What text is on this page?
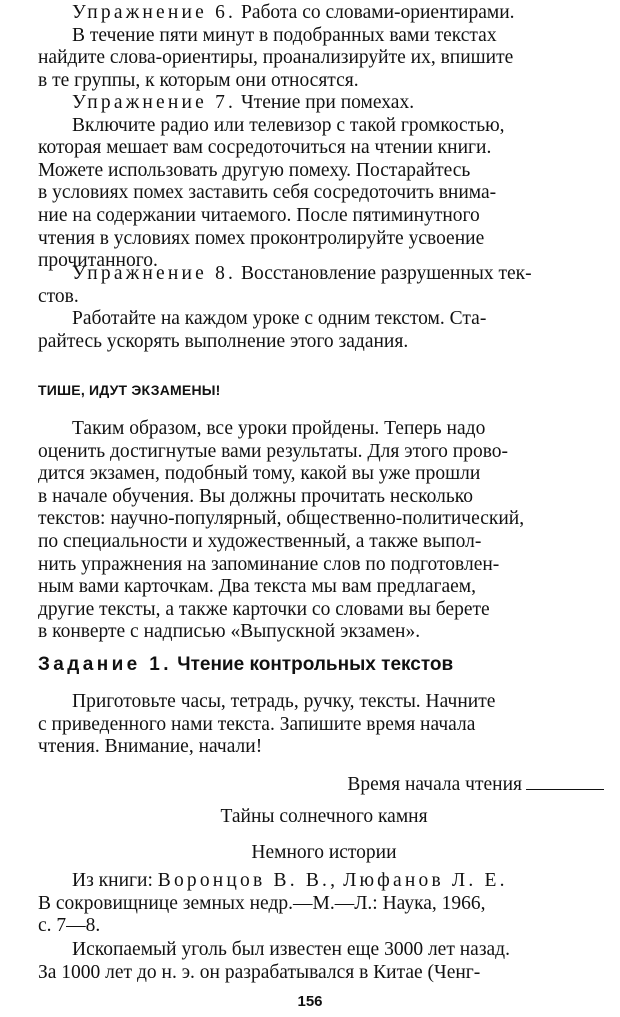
Упражнение 6. Работа со словами-ориентирами.
В течение пяти минут в подобранных вами текстах
найдите слова-ориентиры, проанализируйте их, впишите
в те группы, к которым они относятся.
Упражнение 7. Чтение при помехах.
Включите радио или телевизор с такой громкостью,
которая мешает вам сосредоточиться на чтении книги.
Можете использовать другую помеху. Постарайтесь
в условиях помех заставить себя сосредоточить внима-
ние на содержании читаемого. После пятиминутного
чтения в условиях помех проконтролируйте усвоение
прочитанного.
Упражнение 8. Восстановление разрушенных тек-
стов.
Работайте на каждом уроке с одним текстом. Ста-
райтесь ускорять выполнение этого задания.
ТИШЕ, ИДУТ ЭКЗАМЕНЫ!
Таким образом, все уроки пройдены. Теперь надо
оценить достигнутые вами результаты. Для этого прово-
дится экзамен, подобный тому, какой вы уже прошли
в начале обучения. Вы должны прочитать несколько
текстов: научно-популярный, общественно-политический,
по специальности и художественный, а также выпол-
нить упражнения на запоминание слов по подготовлен-
ным вами карточкам. Два текста мы вам предлагаем,
другие тексты, а также карточки со словами вы берете
в конверте с надписью «Выпускной экзамен».
Задание 1. Чтение контрольных текстов
Приготовьте часы, тетрадь, ручку, тексты. Начните
с приведенного нами текста. Запишите время начала
чтения. Внимание, начали!
Время начала чтения
Тайны солнечного камня
Немного истории
Из книги: Воронцов В. В., Люфанов Л. Е.
В сокровищнице земных недр.—М.—Л.: Наука, 1966,
с. 7—8.
Ископаемый уголь был известен еще 3000 лет назад.
За 1000 лет до н. э. он разрабатывался в Китае (Ченг-
156
